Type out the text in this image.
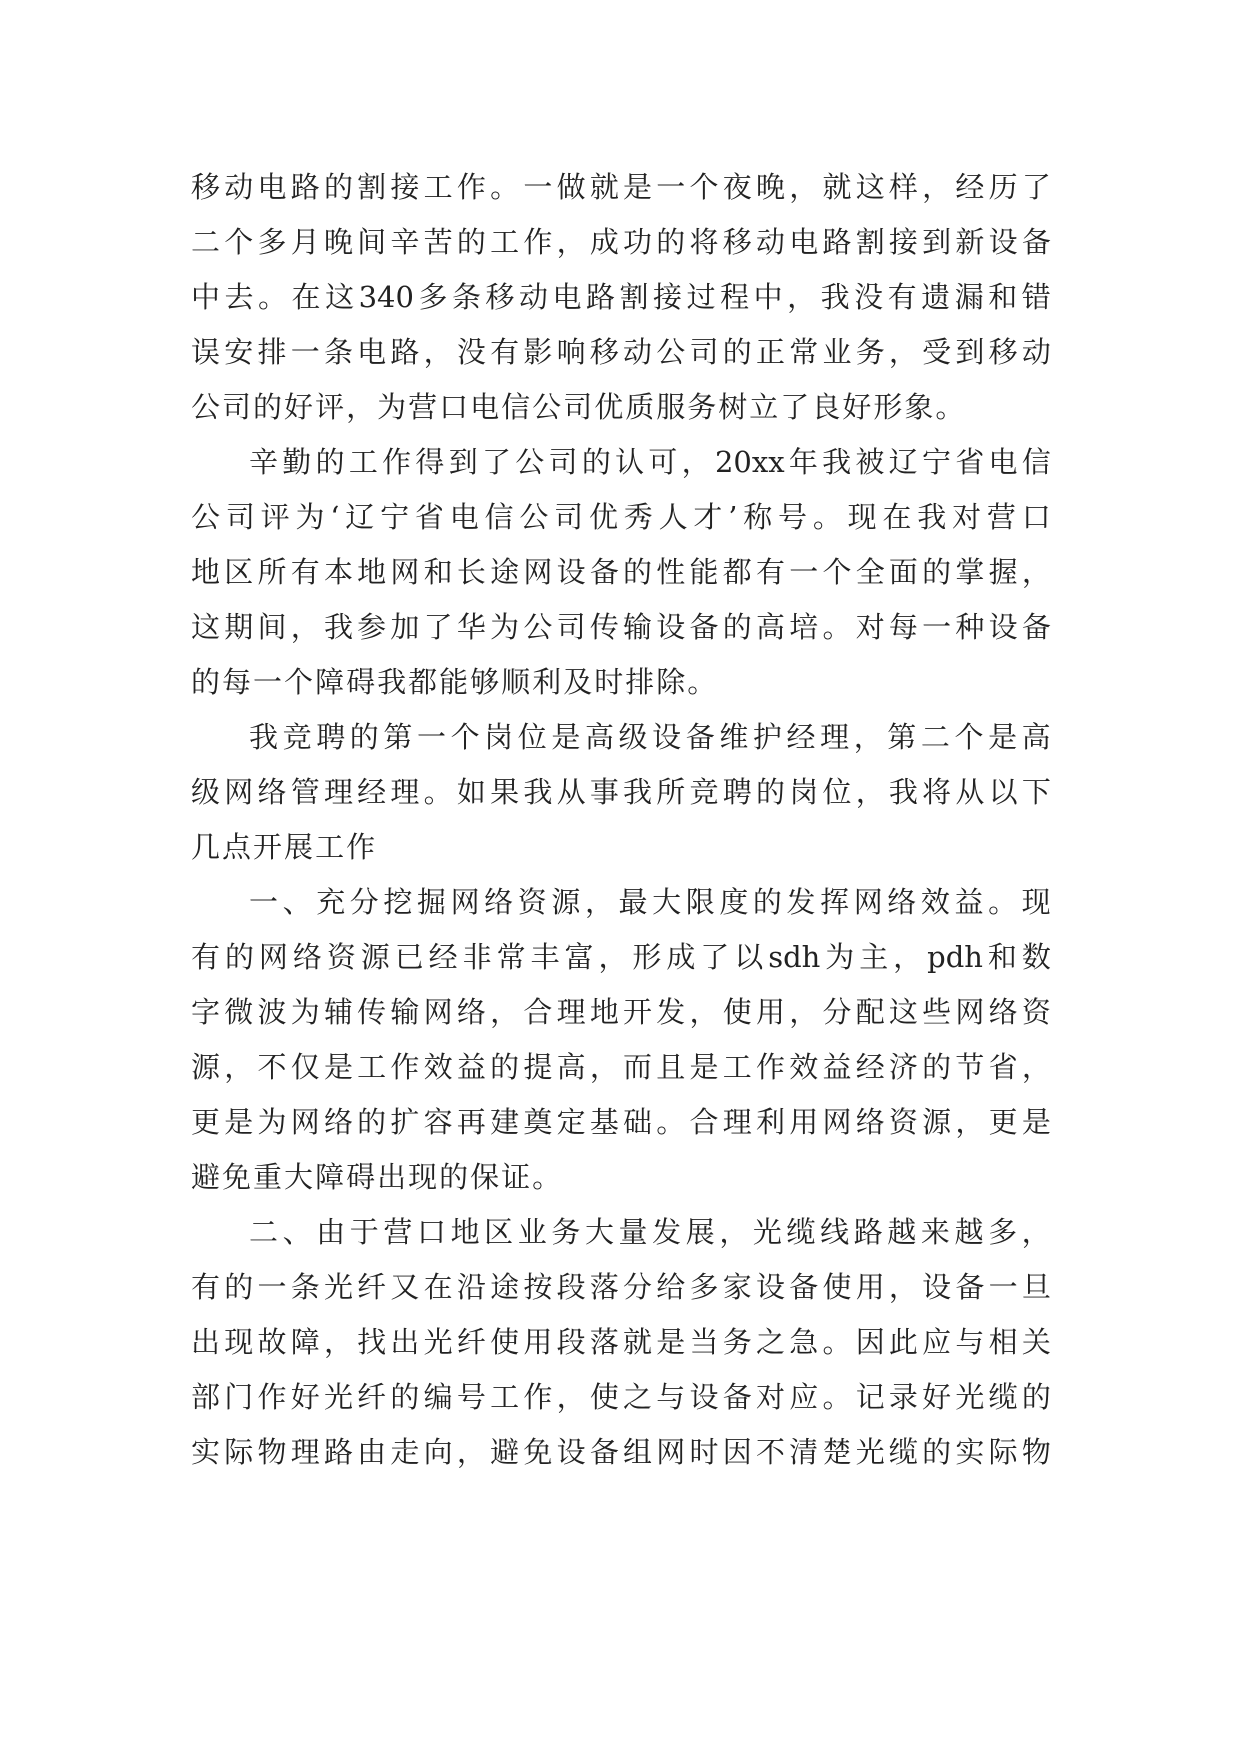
移 动 电 路 的 割 接 工 作 。 一 做 就 是 一 个 夜 晚 ， 就 这 样 ， 经 历 了
二 个 多 月 晚 间 辛 苦 的 工 作 ， 成 功 的 将 移 动 电 路 割 接 到 新 设 备
中 去 。 在 这 340 多 条 移 动 电 路 割 接 过 程 中 ， 我 没 有 遗 漏 和 错
误 安 排 一 条 电 路 ， 没 有 影 响 移 动 公 司 的 正 常 业 务 ， 受 到 移 动
公 司 的 好 评 ， 为 营 口 电 信 公 司 优 质 服 务 树 立 了 良 好 形 象 。
辛 勤 的 工 作 得 到 了 公 司 的 认 可 ， 20xx 年 我 被 辽 宁 省 电 信
公 司 评 为 ‘ 辽 宁 省 电 信 公 司 优 秀 人 才 ’ 称 号 。 现 在 我 对 营 口
地 区 所 有 本 地 网 和 长 途 网 设 备 的 性 能 都 有 一 个 全 面 的 掌 握 ，
这 期 间 ， 我 参 加 了 华 为 公 司 传 输 设 备 的 高 培 。 对 每 一 种 设 备
的 每 一 个 障 碍 我 都 能 够 顺 利 及 时 排 除 。
我 竞 聘 的 第 一 个 岗 位 是 高 级 设 备 维 护 经 理 ， 第 二 个 是 高
级 网 络 管 理 经 理 。 如 果 我 从 事 我 所 竞 聘 的 岗 位 ， 我 将 从 以 下
几 点 开 展 工 作
一 、 充 分 挖 掘 网 络 资 源 ， 最 大 限 度 的 发 挥 网 络 效 益 。 现
有 的 网 络 资 源 已 经 非 常 丰 富 ， 形 成 了 以 sdh 为 主 ， pdh 和 数
字 微 波 为 辅 传 输 网 络 ， 合 理 地 开 发 ， 使 用 ， 分 配 这 些 网 络 资
源 ， 不 仅 是 工 作 效 益 的 提 高 ， 而 且 是 工 作 效 益 经 济 的 节 省 ，
更 是 为 网 络 的 扩 容 再 建 奠 定 基 础 。 合 理 利 用 网 络 资 源 ， 更 是
避 免 重 大 障 碍 出 现 的 保 证 。
二 、 由 于 营 口 地 区 业 务 大 量 发 展 ， 光 缆 线 路 越 来 越 多 ，
有 的 一 条 光 纤 又 在 沿 途 按 段 落 分 给 多 家 设 备 使 用 ， 设 备 一 旦
出 现 故 障 ， 找 出 光 纤 使 用 段 落 就 是 当 务 之 急 。 因 此 应 与 相 关
部 门 作 好 光 纤 的 编 号 工 作 ， 使 之 与 设 备 对 应 。 记 录 好 光 缆 的
实 际 物 理 路 由 走 向 ， 避 免 设 备 组 网 时 因 不 清 楚 光 缆 的 实 际 物
